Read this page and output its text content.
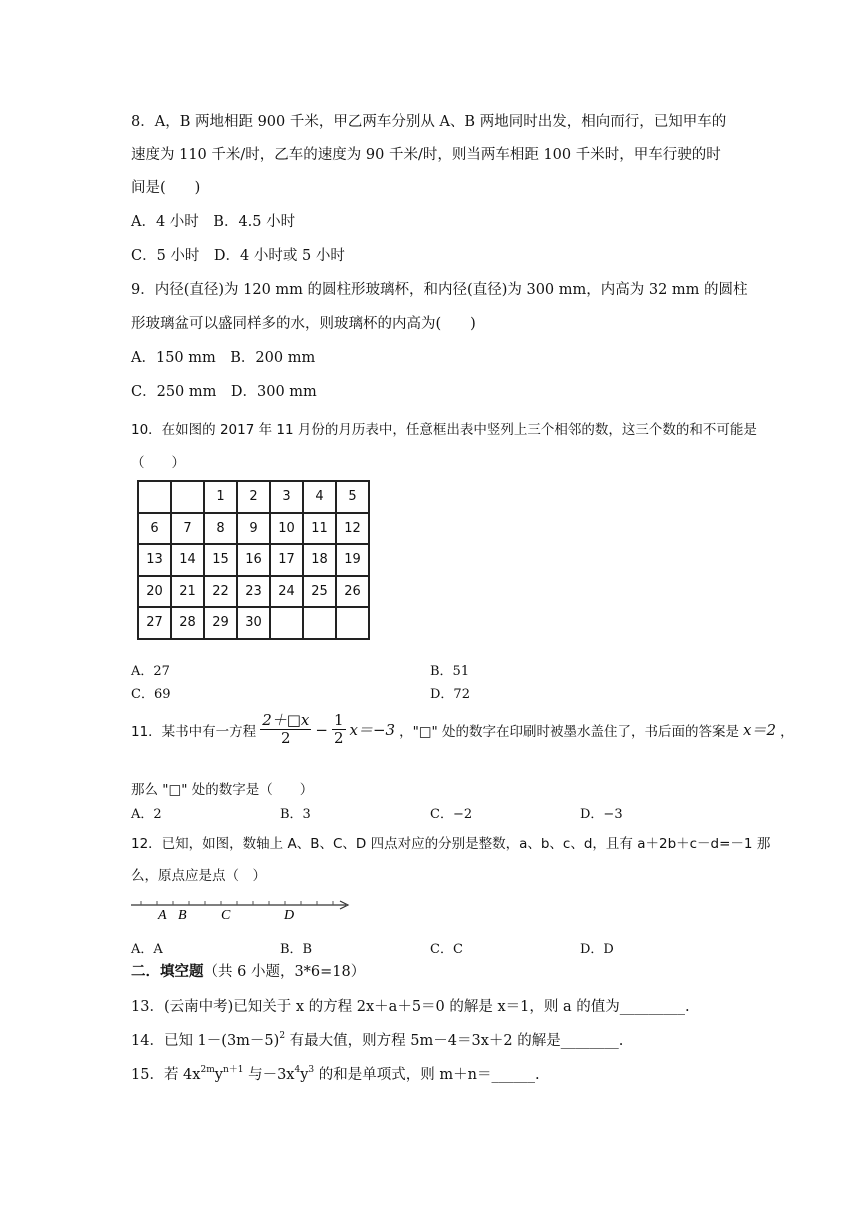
8．A，B 两地相距 900 千米，甲乙两车分别从 A、B 两地同时出发，相向而行，已知甲车的
速度为 110 千米/时，乙车的速度为 90 千米/时，则当两车相距 100 千米时，甲车行驶的时
间是(　　)
A．4 小时　B．4.5 小时
C．5 小时　D．4 小时或 5 小时
9．内径(直径)为 120 mm 的圆柱形玻璃杯，和内径(直径)为 300 mm，内高为 32 mm 的圆柱
形玻璃盆可以盛同样多的水，则玻璃杯的内高为(　　)
A．150 mm　B．200 mm
C．250 mm　D．300 mm
10．在如图的 2017 年 11 月份的月历表中，任意框出表中竖列上三个相邻的数，这三个数的和不可能是
（　　）
		1	2	3	4	5
6	7	8	9	10	11	12
13	14	15	16	17	18	19
20	21	22	23	24	25	26
27	28	29	30			
A．27	B．51
C．69	D．72
11．某书中有一方程 $\frac{2+□x}{2} - \frac{1}{2} x=-3$ ，"□" 处的数字在印刷时被墨水盖住了，书后面的答案是 x＝2 ，
那么 "□" 处的数字是（　　）
A．2	B．3	C．−2	D．−3
12．已知，如图，数轴上 A、B、C、D 四点对应的分别是整数，a、b、c、d，且有 a＋2b＋c－d=－1 那
么，原点应是点（　）
A B C	D
A．A	B．B	C．C	D．D
二．填空题（共 6 小题，3*6=18）
13．(云南中考)已知关于 x 的方程 2x＋a＋5＝0 的解是 x＝1，则 a 的值为_________.
14．已知 $1-(3m-5)^2$ 有最大值，则方程 5m－4＝3x＋2 的解是________.
15．若 $4x^{2m}y^{n+1}$ 与$-3x^4y^3$ 的和是单项式，则 m＋n＝______.
